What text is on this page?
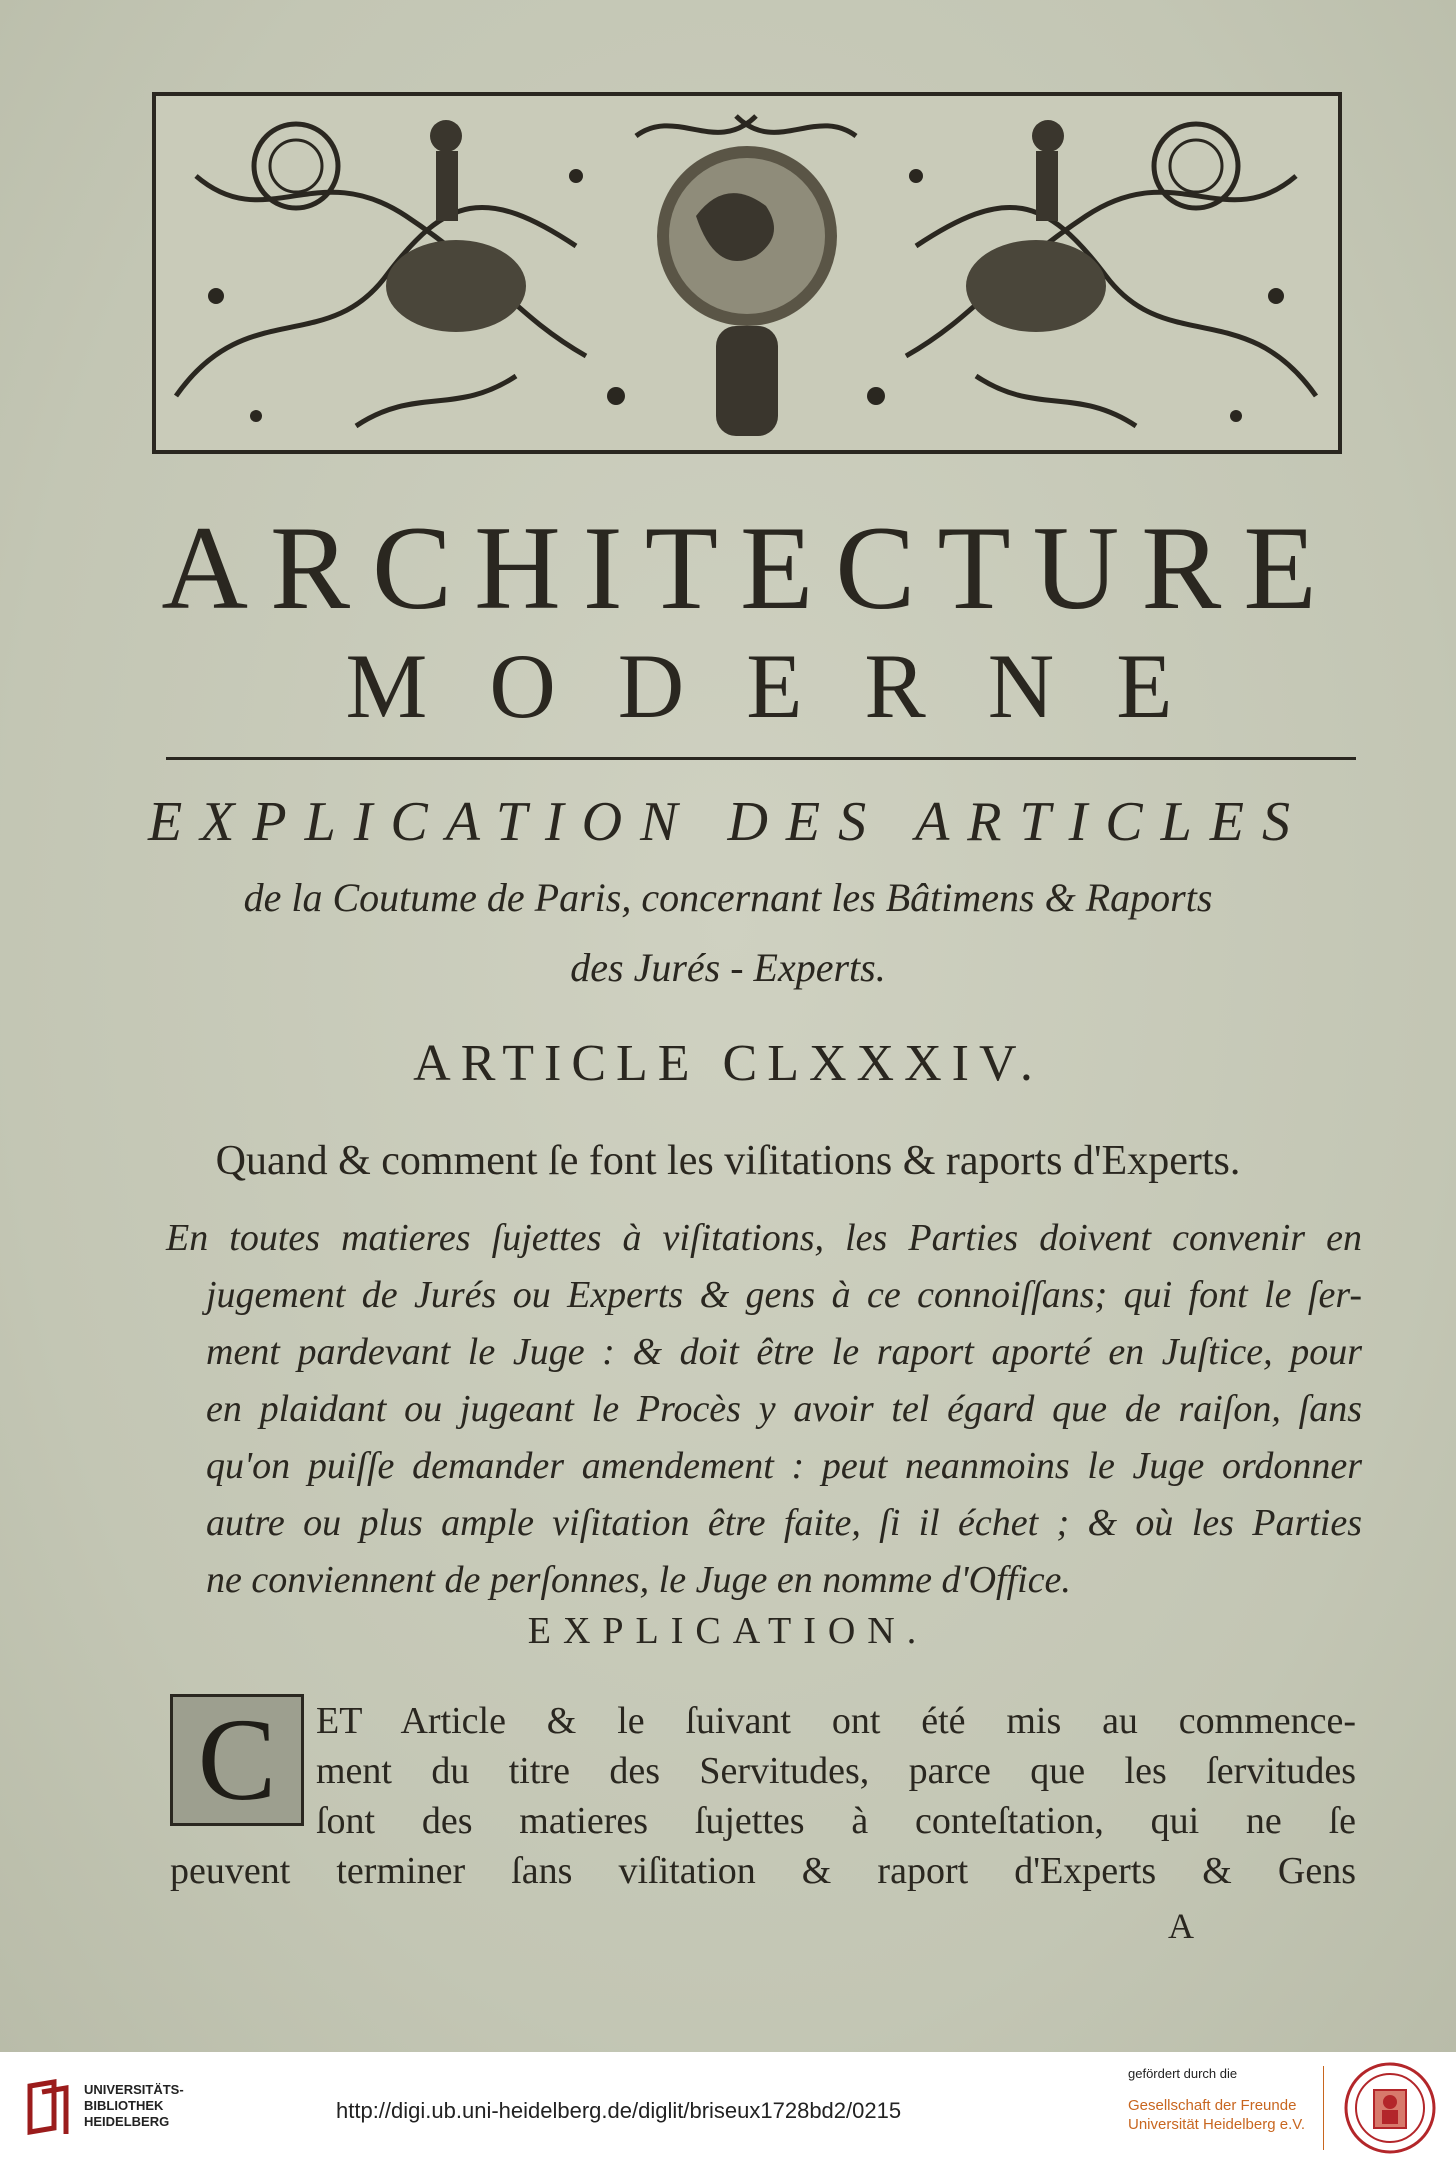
ARCHITECTURE
MODERNE
EXPLICATION DES ARTICLES
de la Coutume de Paris, concernant les Bâtimens & Raports
des Jurés - Experts.
ARTICLE CLXXXIV.
Quand & comment ſe font les viſitations & raports d'Experts.
En toutes matieres ſujettes à viſitations, les Parties doivent convenir en
jugement de Jurés ou Experts & gens à ce connoiſſans; qui font le ſer-
ment pardevant le Juge : & doit être le raport aporté en Juſtice, pour
en plaidant ou jugeant le Procès y avoir tel égard que de raiſon, ſans
qu'on puiſſe demander amendement : peut neanmoins le Juge ordonner
autre ou plus ample viſitation être faite, ſi il échet ; & où les Parties
ne conviennent de perſonnes, le Juge en nomme d'Office.
EXPLICATION.
C ET Article & le ſuivant ont été mis au commence-
ment du titre des Servitudes, parce que les ſervitudes
ſont des matieres ſujettes à conteſtation, qui ne ſe
peuvent terminer ſans viſitation & raport d'Experts & Gens
A
UNIVERSITÄTS-
BIBLIOTHEK
HEIDELBERG	http://digi.ub.uni-heidelberg.de/diglit/briseux1728bd2/0215
gefördert durch die
Gesellschaft der Freunde
Universität Heidelberg e.V.
